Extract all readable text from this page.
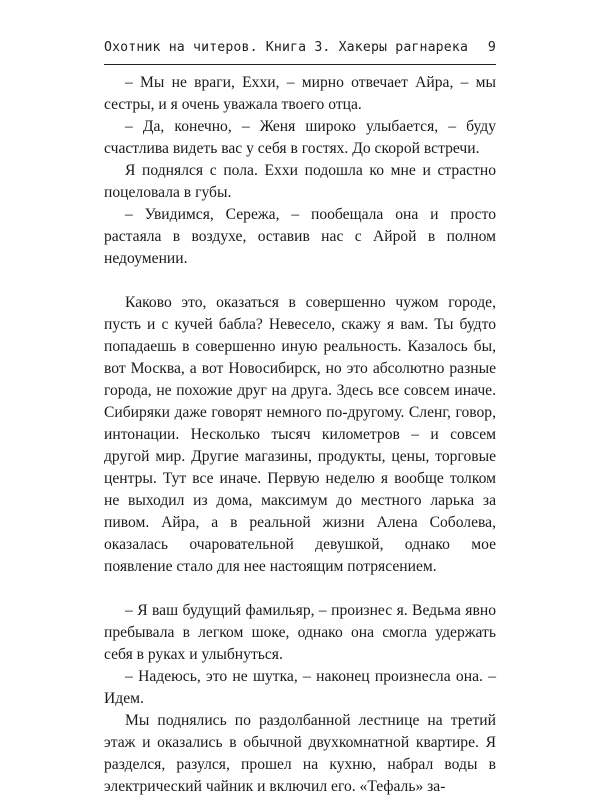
Охотник на читеров. Книга 3. Хакеры рагнарека 9

– Мы не враги, Еххи, – мирно отвечает Айра, – мы сестры, и я очень уважала твоего отца.

– Да, конечно, – Женя широко улыбается, – буду счастлива видеть вас у себя в гостях. До скорой встречи.

Я поднялся с пола. Еххи подошла ко мне и страстно поцеловала в губы.

– Увидимся, Сережа, – пообещала она и просто растаяла в воздухе, оставив нас с Айрой в полном недоумении.

Каково это, оказаться в совершенно чужом городе, пусть и с кучей бабла? Невесело, скажу я вам. Ты будто попадаешь в совершенно иную реальность. Казалось бы, вот Москва, а вот Новосибирск, но это абсолютно разные города, не похожие друг на друга. Здесь все совсем иначе. Сибиряки даже говорят немного по-другому. Сленг, говор, интонации. Несколько тысяч километров – и совсем другой мир. Другие магазины, продукты, цены, торговые центры. Тут все иначе. Первую неделю я вообще толком не выходил из дома, максимум до местного ларька за пивом. Айра, а в реальной жизни Алена Соболева, оказалась очаровательной девушкой, однако мое появление стало для нее настоящим потрясением.

– Я ваш будущий фамильяр, – произнес я. Ведьма явно пребывала в легком шоке, однако она смогла удержать себя в руках и улыбнуться.

– Надеюсь, это не шутка, – наконец произнесла она. – Идем.

Мы поднялись по раздолбанной лестнице на третий этаж и оказались в обычной двухкомнатной квартире. Я разделся, разулся, прошел на кухню, набрал воды в электрический чайник и включил его. «Тефаль» за-
